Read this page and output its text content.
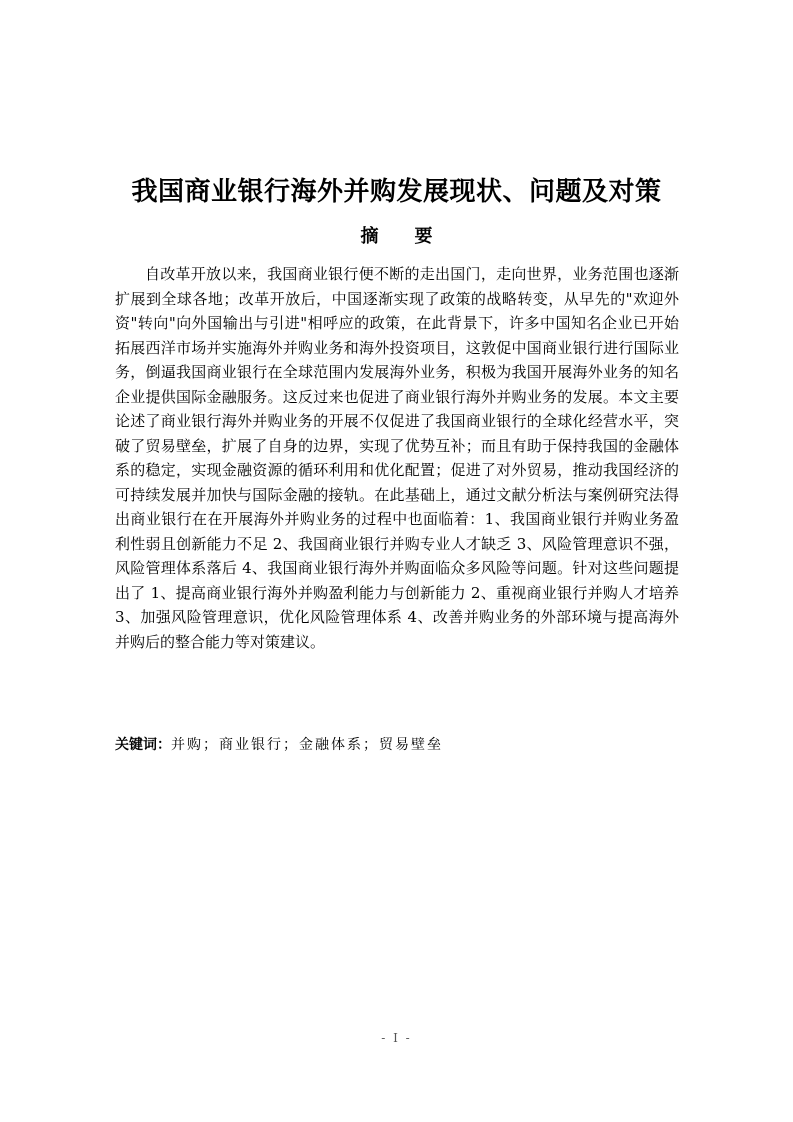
我国商业银行海外并购发展现状、问题及对策
摘要
自改革开放以来，我国商业银行便不断的走出国门，走向世界，业务范围也逐渐
扩展到全球各地；改革开放后，中国逐渐实现了政策的战略转变，从早先的"欢迎外
资"转向"向外国输出与引进"相呼应的政策，在此背景下，许多中国知名企业已开始
拓展西洋市场并实施海外并购业务和海外投资项目，这敦促中国商业银行进行国际业
务，倒逼我国商业银行在全球范围内发展海外业务，积极为我国开展海外业务的知名
企业提供国际金融服务。这反过来也促进了商业银行海外并购业务的发展。本文主要
论述了商业银行海外并购业务的开展不仅促进了我国商业银行的全球化经营水平，突
破了贸易壁垒，扩展了自身的边界，实现了优势互补；而且有助于保持我国的金融体
系的稳定，实现金融资源的循环利用和优化配置；促进了对外贸易，推动我国经济的
可持续发展并加快与国际金融的接轨。在此基础上，通过文献分析法与案例研究法得
出商业银行在在开展海外并购业务的过程中也面临着：1、我国商业银行并购业务盈
利性弱且创新能力不足 2、我国商业银行并购专业人才缺乏 3、风险管理意识不强，
风险管理体系落后 4、我国商业银行海外并购面临众多风险等问题。针对这些问题提
出了 1、提高商业银行海外并购盈利能力与创新能力 2、重视商业银行并购人才培养
3、加强风险管理意识，优化风险管理体系 4、改善并购业务的外部环境与提高海外
并购后的整合能力等对策建议。
关键词：并购；商业银行；金融体系；贸易壁垒
- I -
